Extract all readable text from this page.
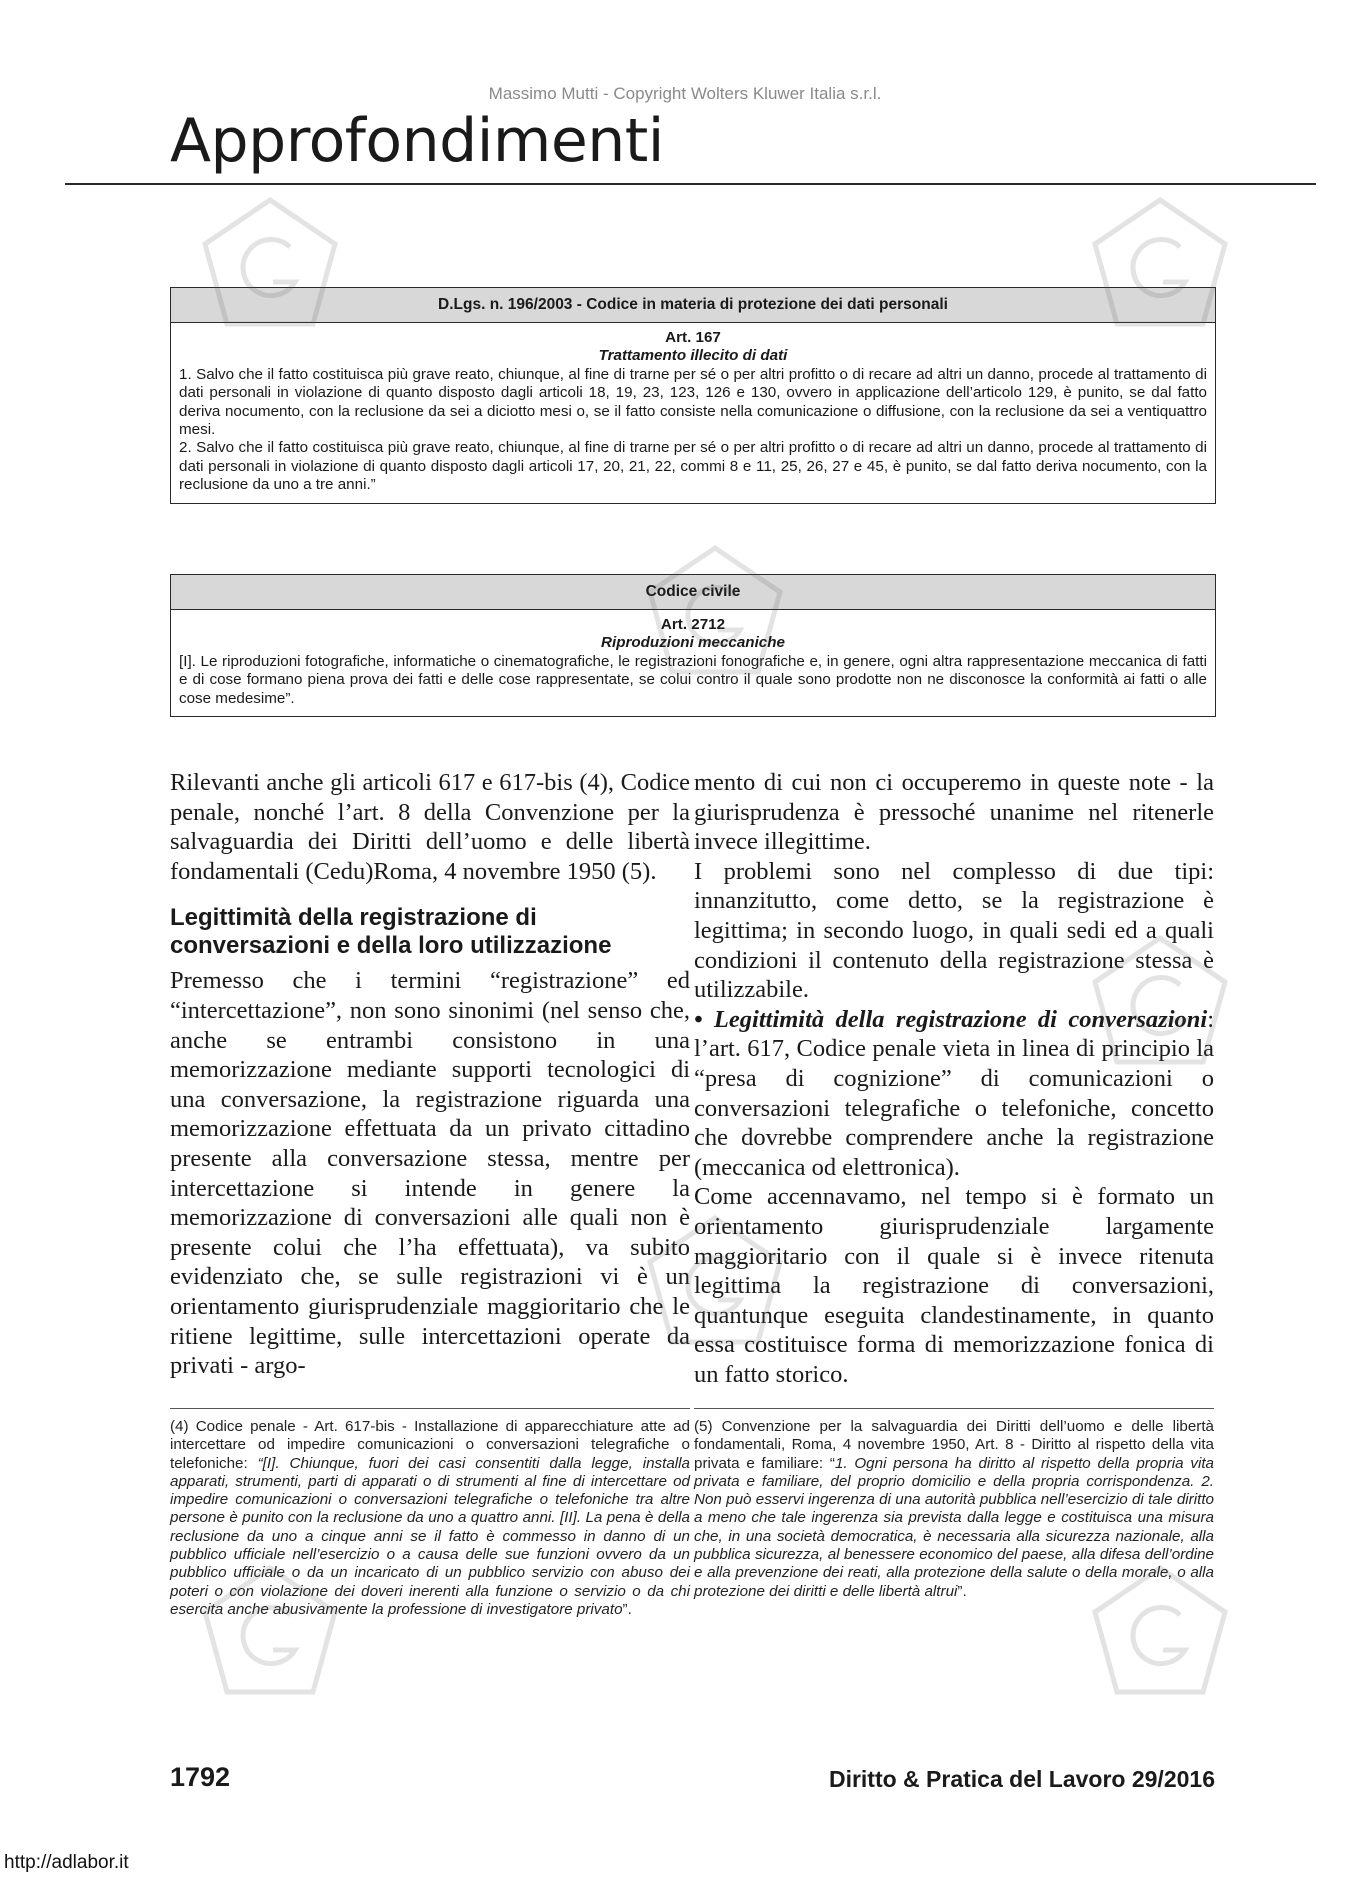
Massimo Mutti - Copyright Wolters Kluwer Italia s.r.l.
Approfondimenti
D.Lgs. n. 196/2003 - Codice in materia di protezione dei dati personali
Art. 167
Trattamento illecito di dati

1. Salvo che il fatto costituisca più grave reato, chiunque, al fine di trarne per sé o per altri profitto o di recare ad altri un danno, procede al trattamento di dati personali in violazione di quanto disposto dagli articoli 18, 19, 23, 123, 126 e 130, ovvero in applicazione dell’articolo 129, è punito, se dal fatto deriva nocumento, con la reclusione da sei a diciotto mesi o, se il fatto consiste nella comunicazione o diffusione, con la reclusione da sei a ventiquattro mesi.

2. Salvo che il fatto costituisca più grave reato, chiunque, al fine di trarne per sé o per altri profitto o di recare ad altri un danno, procede al trattamento di dati personali in violazione di quanto disposto dagli articoli 17, 20, 21, 22, commi 8 e 11, 25, 26, 27 e 45, è punito, se dal fatto deriva nocumento, con la reclusione da uno a tre anni.”

Codice civile
Art. 2712
Riproduzioni meccaniche

[I]. Le riproduzioni fotografiche, informatiche o cinematografiche, le registrazioni fonografiche e, in genere, ogni altra rappresentazione meccanica di fatti e di cose formano piena prova dei fatti e delle cose rappresentate, se colui contro il quale sono prodotte non ne disconosce la conformità ai fatti o alle cose medesime”.

Rilevanti anche gli articoli 617 e 617-bis (4), Codice penale, nonché l’art. 8 della Convenzione per la salvaguardia dei Diritti dell’uomo e delle libertà fondamentali (Cedu)Roma, 4 novembre 1950 (5).

Legittimità della registrazione di conversazioni e della loro utilizzazione

Premesso che i termini “registrazione” ed “intercettazione”, non sono sinonimi (nel senso che, anche se entrambi consistono in una memorizzazione mediante supporti tecnologici di una conversazione, la registrazione riguarda una memorizzazione effettuata da un privato cittadino presente alla conversazione stessa, mentre per intercettazione si intende in genere la memorizzazione di conversazioni alle quali non è presente colui che l’ha effettuata), va subito evidenziato che, se sulle registrazioni vi è un orientamento giurisprudenziale maggioritario che le ritiene legittime, sulle intercettazioni operate da privati - argo-

mento di cui non ci occuperemo in queste note - la giurisprudenza è pressoché unanime nel ritenerle invece illegittime.

I problemi sono nel complesso di due tipi: innanzitutto, come detto, se la registrazione è legittima; in secondo luogo, in quali sedi ed a quali condizioni il contenuto della registrazione stessa è utilizzabile.

• Legittimità della registrazione di conversazioni: l’art. 617, Codice penale vieta in linea di principio la “presa di cognizione” di comunicazioni o conversazioni telegrafiche o telefoniche, concetto che dovrebbe comprendere anche la registrazione (meccanica od elettronica).

Come accennavamo, nel tempo si è formato un orientamento giurisprudenziale largamente maggioritario con il quale si è invece ritenuta legittima la registrazione di conversazioni, quantunque eseguita clandestinamente, in quanto essa costituisce forma di memorizzazione fonica di un fatto storico.

(4) Codice penale - Art. 617-bis - Installazione di apparecchiature atte ad intercettare od impedire comunicazioni o conversazioni telegrafiche o telefoniche: “[I]. Chiunque, fuori dei casi consentiti dalla legge, installa apparati, strumenti, parti di apparati o di strumenti al fine di intercettare od impedire comunicazioni o conversazioni telegrafiche o telefoniche tra altre persone è punito con la reclusione da uno a quattro anni. [II]. La pena è della reclusione da uno a cinque anni se il fatto è commesso in danno di un pubblico ufficiale nell’esercizio o a causa delle sue funzioni ovvero da un pubblico ufficiale o da un incaricato di un pubblico servizio con abuso dei poteri o con violazione dei doveri inerenti alla funzione o servizio o da chi esercita anche abusivamente la professione di investigatore privato”.
(5) Convenzione per la salvaguardia dei Diritti dell’uomo e delle libertà fondamentali, Roma, 4 novembre 1950, Art. 8 - Diritto al rispetto della vita privata e familiare: “1. Ogni persona ha diritto al rispetto della propria vita privata e familiare, del proprio domicilio e della propria corrispondenza. 2. Non può esservi ingerenza di una autorità pubblica nell’esercizio di tale diritto a meno che tale ingerenza sia prevista dalla legge e costituisca una misura che, in una società democratica, è necessaria alla sicurezza nazionale, alla pubblica sicurezza, al benessere economico del paese, alla difesa dell’ordine e alla prevenzione dei reati, alla protezione della salute o della morale, o alla protezione dei diritti e delle libertà altrui”.
1792	Diritto & Pratica del Lavoro 29/2016
http://adlabor.it
